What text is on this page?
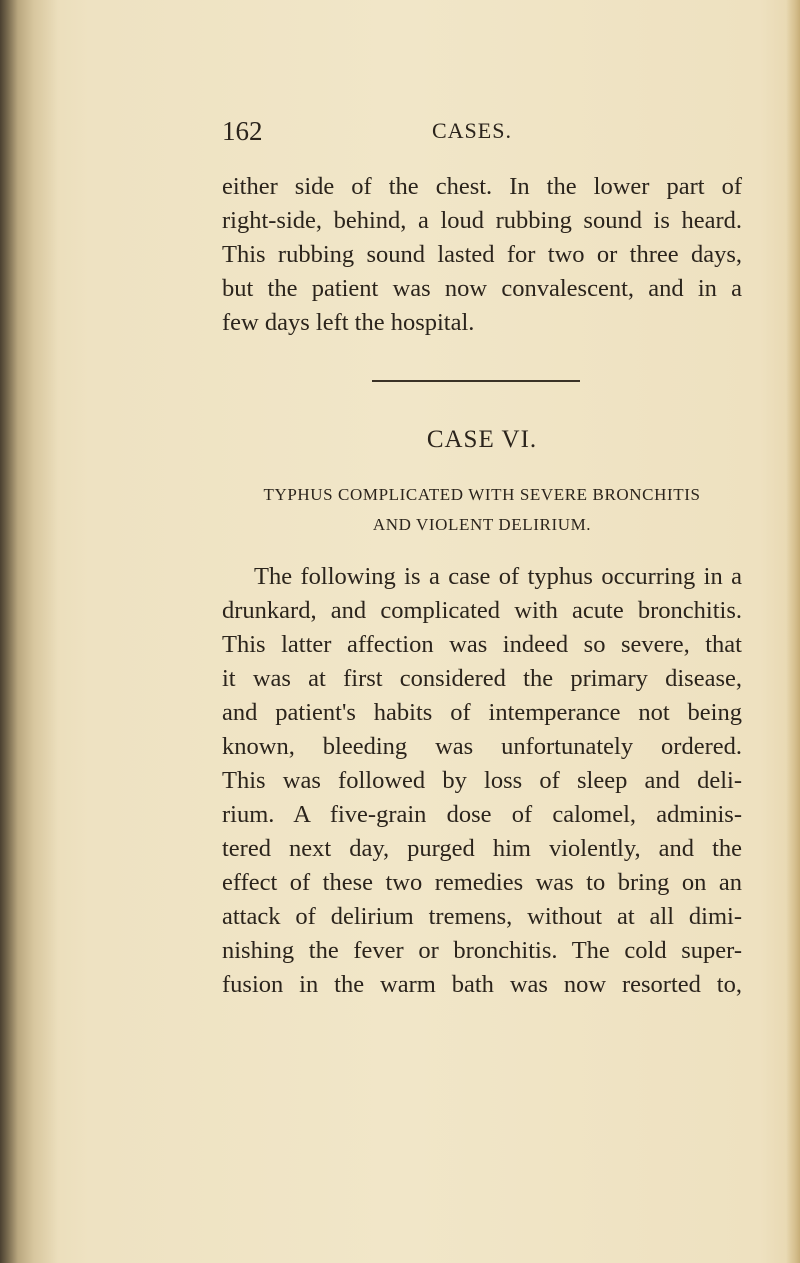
162	CASES.
either side of the chest. In the lower part of
right-side, behind, a loud rubbing sound is heard.
This rubbing sound lasted for two or three days,
but the patient was now convalescent, and in a
few days left the hospital.
CASE VI.
TYPHUS COMPLICATED WITH SEVERE BRONCHITIS
AND VIOLENT DELIRIUM.
The following is a case of typhus occurring in a
drunkard, and complicated with acute bronchitis.
This latter affection was indeed so severe, that
it was at first considered the primary disease,
and patient's habits of intemperance not being
known, bleeding was unfortunately ordered.
This was followed by loss of sleep and deli-
rium. A five-grain dose of calomel, adminis-
tered next day, purged him violently, and the
effect of these two remedies was to bring on an
attack of delirium tremens, without at all dimi-
nishing the fever or bronchitis. The cold super-
fusion in the warm bath was now resorted to,
